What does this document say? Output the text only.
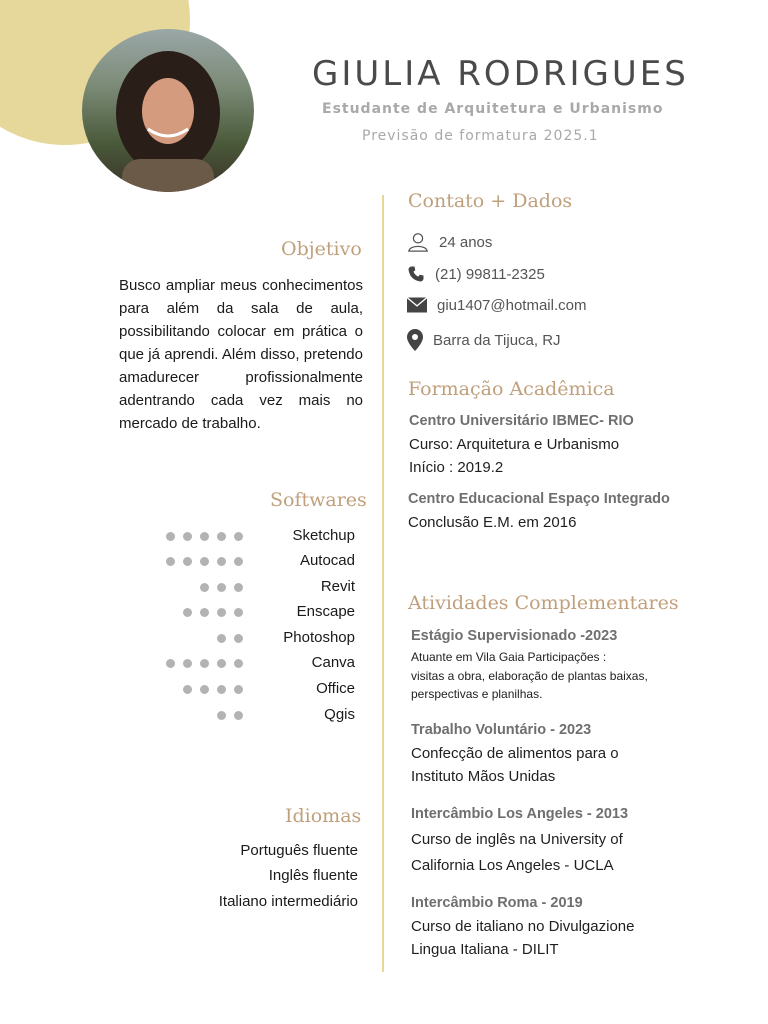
GIULIA RODRIGUES
Estudante de Arquitetura e Urbanismo
Previsão de formatura 2025.1
Objetivo
Busco ampliar meus conhecimentos para além da sala de aula, possibilitando colocar em prática o que já aprendi. Além disso, pretendo amadurecer profissionalmente adentrando cada vez mais no mercado de trabalho.
Softwares
Sketchup
Autocad
Revit
Enscape
Photoshop
Canva
Office
Qgis
Idiomas
Português fluente
Inglês fluente
Italiano intermediário
Contato + Dados
24 anos
(21) 99811-2325
giu1407@hotmail.com
Barra da Tijuca, RJ
Formação Acadêmica
Centro Universitário IBMEC- RIO
Curso: Arquitetura e Urbanismo
Início : 2019.2
Centro Educacional Espaço Integrado
Conclusão E.M. em 2016
Atividades Complementares
Estágio Supervisionado -2023
Atuante em Vila Gaia Participações :
visitas a obra, elaboração de plantas baixas,
perspectivas e planilhas.
Trabalho Voluntário - 2023
Confecção de alimentos para o
Instituto Mãos Unidas
Intercâmbio Los Angeles - 2013
Curso de inglês na University of
California Los Angeles - UCLA
Intercâmbio Roma - 2019
Curso de italiano no Divulgazione
Lingua Italiana - DILIT
